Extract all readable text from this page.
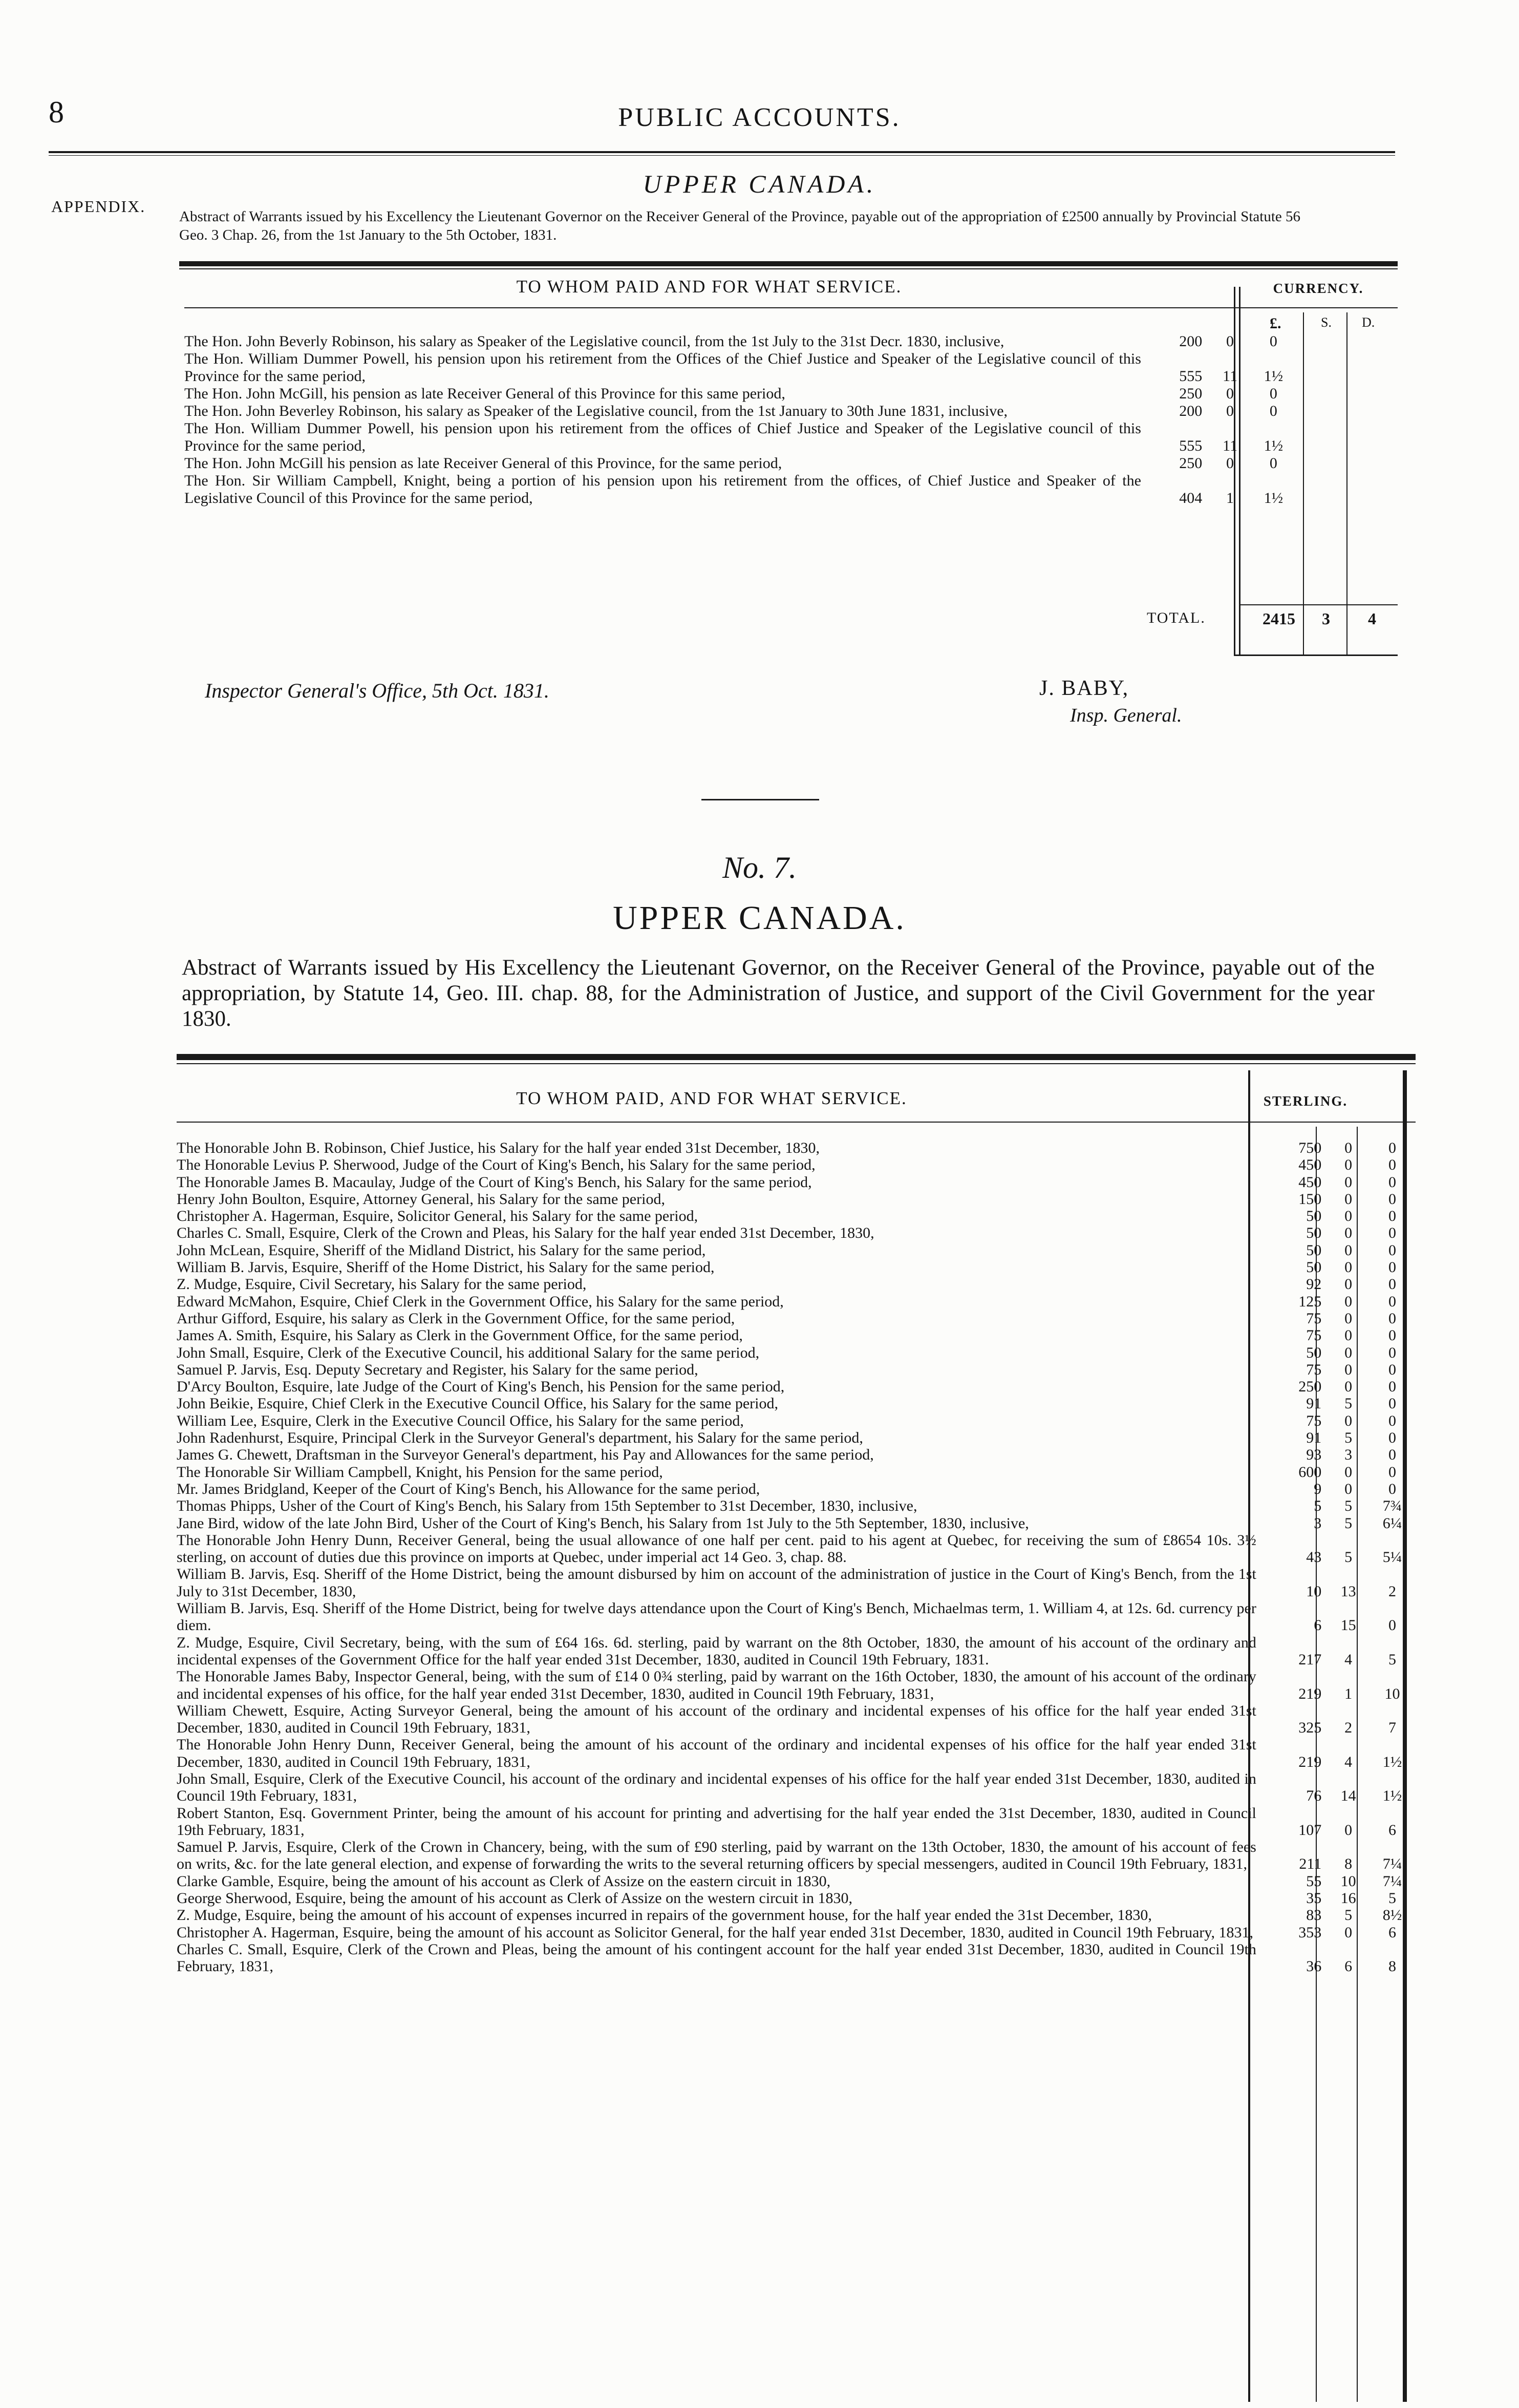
8	PUBLIC ACCOUNTS.
APPENDIX.
UPPER CANADA.
Abstract of Warrants issued by his Excellency the Lieutenant Governor on the Receiver General of the Province, payable out of the appropriation of £2500 annually by Provincial Statute 56 Geo. 3 Chap. 26, from the 1st January to the 5th October, 1831.
TO WHOM PAID AND FOR WHAT SERVICE.	CURRENCY.
£.	S. D.
The Hon. John Beverly Robinson, his salary as Speaker of the Legislative council, from the 1st July to the 31st Decr. 1830, inclusive,	200	0	0
The Hon. William Dummer Powell, his pension upon his retirement from the Offices of the Chief Justice and Speaker of the Legislative council of this Province for the same period,	555	11	1½
The Hon. John McGill, his pension as late Receiver General of this Province for this same period,	250	0	0
The Hon. John Beverley Robinson, his salary as Speaker of the Legislative council, from the 1st January to 30th June 1831, inclusive,	200	0	0
The Hon. William Dummer Powell, his pension upon his retirement from the offices of Chief Justice and Speaker of the Legislative council of this Province for the same period,	555	11	1½
The Hon. John McGill his pension as late Receiver General of this Province, for the same period,	250	0	0
The Hon. Sir William Campbell, Knight, being a portion of his pension upon his retirement from the offices, of Chief Justice and Speaker of the Legislative Council of this Province for the same period,	404	1	1½
TOTAL.	2415	3	4
Inspector General's Office, 5th Oct. 1831.	J. BABY,
Insp. General.
No. 7.
UPPER CANADA.
Abstract of Warrants issued by His Excellency the Lieutenant Governor, on the Receiver General of the Province, payable out of the appropriation, by Statute 14, Geo. III. chap. 88, for the Administration of Justice, and support of the Civil Government for the year 1830.
TO WHOM PAID, AND FOR WHAT SERVICE.	STERLING.
The Honorable John B. Robinson, Chief Justice, his Salary for the half year ended 31st December, 1830,	750	0	0
The Honorable Levius P. Sherwood, Judge of the Court of King's Bench, his Salary for the same period,	450	0	0
The Honorable James B. Macaulay, Judge of the Court of King's Bench, his Salary for the same period,	450	0	0
Henry John Boulton, Esquire, Attorney General, his Salary for the same period,	150	0	0
Christopher A. Hagerman, Esquire, Solicitor General, his Salary for the same period,	50	0	0
Charles C. Small, Esquire, Clerk of the Crown and Pleas, his Salary for the half year ended 31st December, 1830,	50	0	0
John McLean, Esquire, Sheriff of the Midland District, his Salary for the same period,	50	0	0
William B. Jarvis, Esquire, Sheriff of the Home District, his Salary for the same period,	50	0	0
Z. Mudge, Esquire, Civil Secretary, his Salary for the same period,	92	0	0
Edward McMahon, Esquire, Chief Clerk in the Government Office, his Salary for the same period,	125	0	0
Arthur Gifford, Esquire, his salary as Clerk in the Government Office, for the same period,	75	0	0
James A. Smith, Esquire, his Salary as Clerk in the Government Office, for the same period,	75	0	0
John Small, Esquire, Clerk of the Executive Council, his additional Salary for the same period,	50	0	0
Samuel P. Jarvis, Esq. Deputy Secretary and Register, his Salary for the same period,	75	0	0
D'Arcy Boulton, Esquire, late Judge of the Court of King's Bench, his Pension for the same period,	250	0	0
John Beikie, Esquire, Chief Clerk in the Executive Council Office, his Salary for the same period,	91	5	0
William Lee, Esquire, Clerk in the Executive Council Office, his Salary for the same period,	75	0	0
John Radenhurst, Esquire, Principal Clerk in the Surveyor General's department, his Salary for the same period,	91	5	0
James G. Chewett, Draftsman in the Surveyor General's department, his Pay and Allowances for the same period,	93	3	0
The Honorable Sir William Campbell, Knight, his Pension for the same period,	600	0	0
Mr. James Bridgland, Keeper of the Court of King's Bench, his Allowance for the same period,	9	0	0
Thomas Phipps, Usher of the Court of King's Bench, his Salary from 15th September to 31st December, 1830, inclusive,	5	5	7¾
Jane Bird, widow of the late John Bird, Usher of the Court of King's Bench, his Salary from 1st July to the 5th September, 1830, inclusive,	3	5	6¼
The Honorable John Henry Dunn, Receiver General, being the usual allowance of one half per cent. paid to his agent at Quebec, for receiving the sum of £8654 10s. 3½ sterling, on account of duties due this province on imports at Quebec, under imperial act 14 Geo. 3, chap. 88.	43	5	5¼
William B. Jarvis, Esq. Sheriff of the Home District, being the amount disbursed by him on account of the administration of justice in the Court of King's Bench, from the 1st July to 31st December, 1830,	10	13	2
William B. Jarvis, Esq. Sheriff of the Home District, being for twelve days attendance upon the Court of King's Bench, Michaelmas term, 1. William 4, at 12s. 6d. currency per diem.	6	15	0
Z. Mudge, Esquire, Civil Secretary, being, with the sum of £64 16s. 6d. sterling, paid by warrant on the 8th October, 1830, the amount of his account of the ordinary and incidental expenses of the Government Office for the half year ended 31st December, 1830, audited in Council 19th February, 1831.	217	4	5
The Honorable James Baby, Inspector General, being, with the sum of £14 0 0¾ sterling, paid by warrant on the 16th October, 1830, the amount of his account of the ordinary and incidental expenses of his office, for the half year ended 31st December, 1830, audited in Council 19th February, 1831,	219	1	10
William Chewett, Esquire, Acting Surveyor General, being the amount of his account of the ordinary and incidental expenses of his office for the half year ended 31st December, 1830, audited in Council 19th February, 1831,	325	2	7
The Honorable John Henry Dunn, Receiver General, being the amount of his account of the ordinary and incidental expenses of his office for the half year ended 31st December, 1830, audited in Council 19th February, 1831,	219	4	1½
John Small, Esquire, Clerk of the Executive Council, his account of the ordinary and incidental expenses of his office for the half year ended 31st December, 1830, audited in Council 19th February, 1831,	76	14	1½
Robert Stanton, Esq. Government Printer, being the amount of his account for printing and advertising for the half year ended the 31st December, 1830, audited in Council 19th February, 1831,	107	0	6
Samuel P. Jarvis, Esquire, Clerk of the Crown in Chancery, being, with the sum of £90 sterling, paid by warrant on the 13th October, 1830, the amount of his account of fees on writs, &c. for the late general election, and expense of forwarding the writs to the several returning officers by special messengers, audited in Council 19th February, 1831,	211	8	7¼
Clarke Gamble, Esquire, being the amount of his account as Clerk of Assize on the eastern circuit in 1830,	55	10	7¼
George Sherwood, Esquire, being the amount of his account as Clerk of Assize on the western circuit in 1830,	35	16	5
Z. Mudge, Esquire, being the amount of his account of expenses incurred in repairs of the government house, for the half year ended the 31st December, 1830,	83	5	8½
Christopher A. Hagerman, Esquire, being the amount of his account as Solicitor General, for the half year ended 31st December, 1830, audited in Council 19th February, 1831,	353	0	6
Charles C. Small, Esquire, Clerk of the Crown and Pleas, being the amount of his contingent account for the half year ended 31st December, 1830, audited in Council 19th February, 1831,	36	6	8
